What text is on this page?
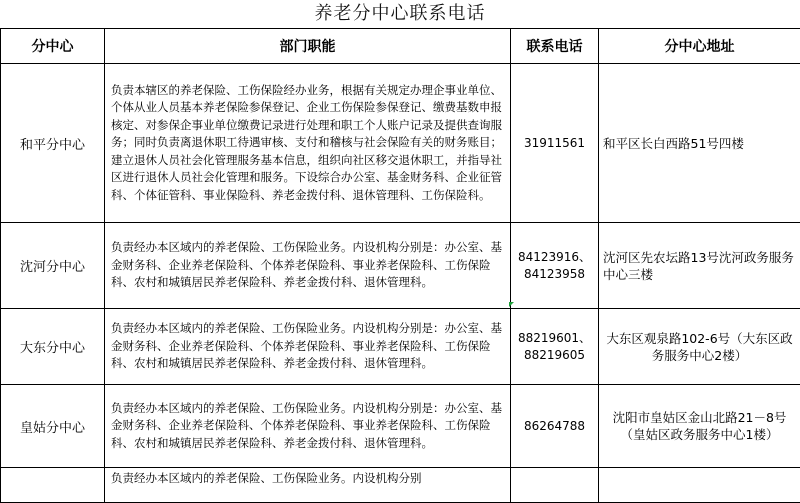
养老分中心联系电话
分中心	部门职能	联系电话	分中心地址
和平分中心	负责本辖区的养老保险、工伤保险经办业务，根据有关规定办理企事业单位、个体从业人员基本养老保险参保登记、企业工伤保险参保登记、缴费基数申报核定、对参保企事业单位缴费记录进行处理和职工个人账户记录及提供查询服务；同时负责离退休职工待遇审核、支付和稽核与社会保险有关的财务账目；建立退休人员社会化管理服务基本信息，组织向社区移交退休职工，并指导社区进行退休人员社会化管理和服务。下设综合办公室、基金财务科、企业征管科、个体征管科、事业保险科、养老金拨付科、退休管理科、工伤保险科。	31911561	和平区长白西路51号四楼
沈河分中心	负责经办本区域内的养老保险、工伤保险业务。内设机构分别是：办公室、基金财务科、企业养老保险科、个体养老保险科、事业养老保险科、工伤保险科、农村和城镇居民养老保险科、养老金拨付科、退休管理科。	84123916、84123958	沈河区先农坛路13号沈河政务服务中心三楼
大东分中心	负责经办本区域内的养老保险、工伤保险业务。内设机构分别是：办公室、基金财务科、企业养老保险科、个体养老保险科、事业养老保险科、工伤保险科、农村和城镇居民养老保险科、养老金拨付科、退休管理科。	88219601、88219605	大东区观泉路102-6号（大东区政务服务中心2楼）
皇姑分中心	负责经办本区域内的养老保险、工伤保险业务。内设机构分别是：办公室、基金财务科、企业养老保险科、个体养老保险科、事业养老保险科、工伤保险科、农村和城镇居民养老保险科、养老金拨付科、退休管理科。	86264788	沈阳市皇姑区金山北路21－8号（皇姑区政务服务中心1楼）
	负责经办本区域内的养老保险、工伤保险业务。内设机构分别		
